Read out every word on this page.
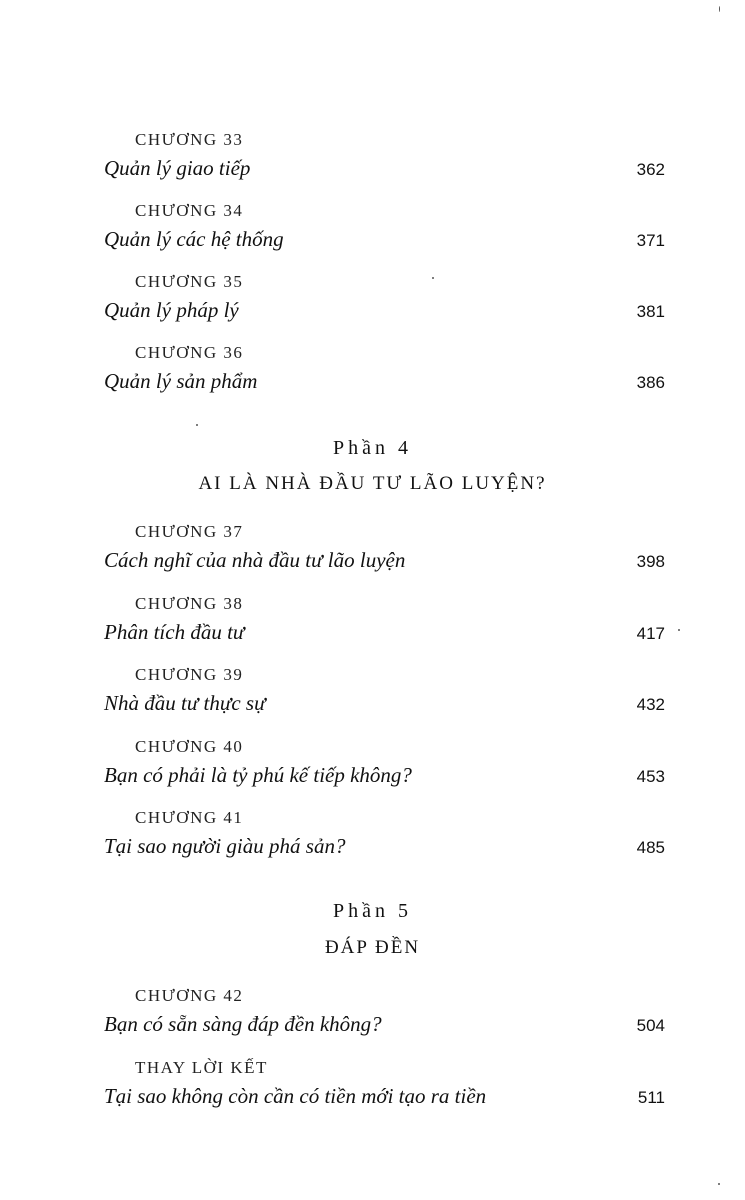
CHƯƠNG 33
Quản lý giao tiếp	362
CHƯƠNG 34
Quản lý các hệ thống	371
CHƯƠNG 35
Quản lý pháp lý	381
CHƯƠNG 36
Quản lý sản phẩm	386
Phần 4
AI LÀ NHÀ ĐẦU TƯ LÃO LUYỆN?
CHƯƠNG 37
Cách nghĩ của nhà đầu tư lão luyện	398
CHƯƠNG 38
Phân tích đầu tư	417
CHƯƠNG 39
Nhà đầu tư thực sự	432
CHƯƠNG 40
Bạn có phải là tỷ phú kế tiếp không?	453
CHƯƠNG 41
Tại sao người giàu phá sản?	485
Phần 5
ĐÁP ĐỀN
CHƯƠNG 42
Bạn có sẵn sàng đáp đền không?	504
THAY LỜI KẾT
Tại sao không còn cần có tiền mới tạo ra tiền	511
